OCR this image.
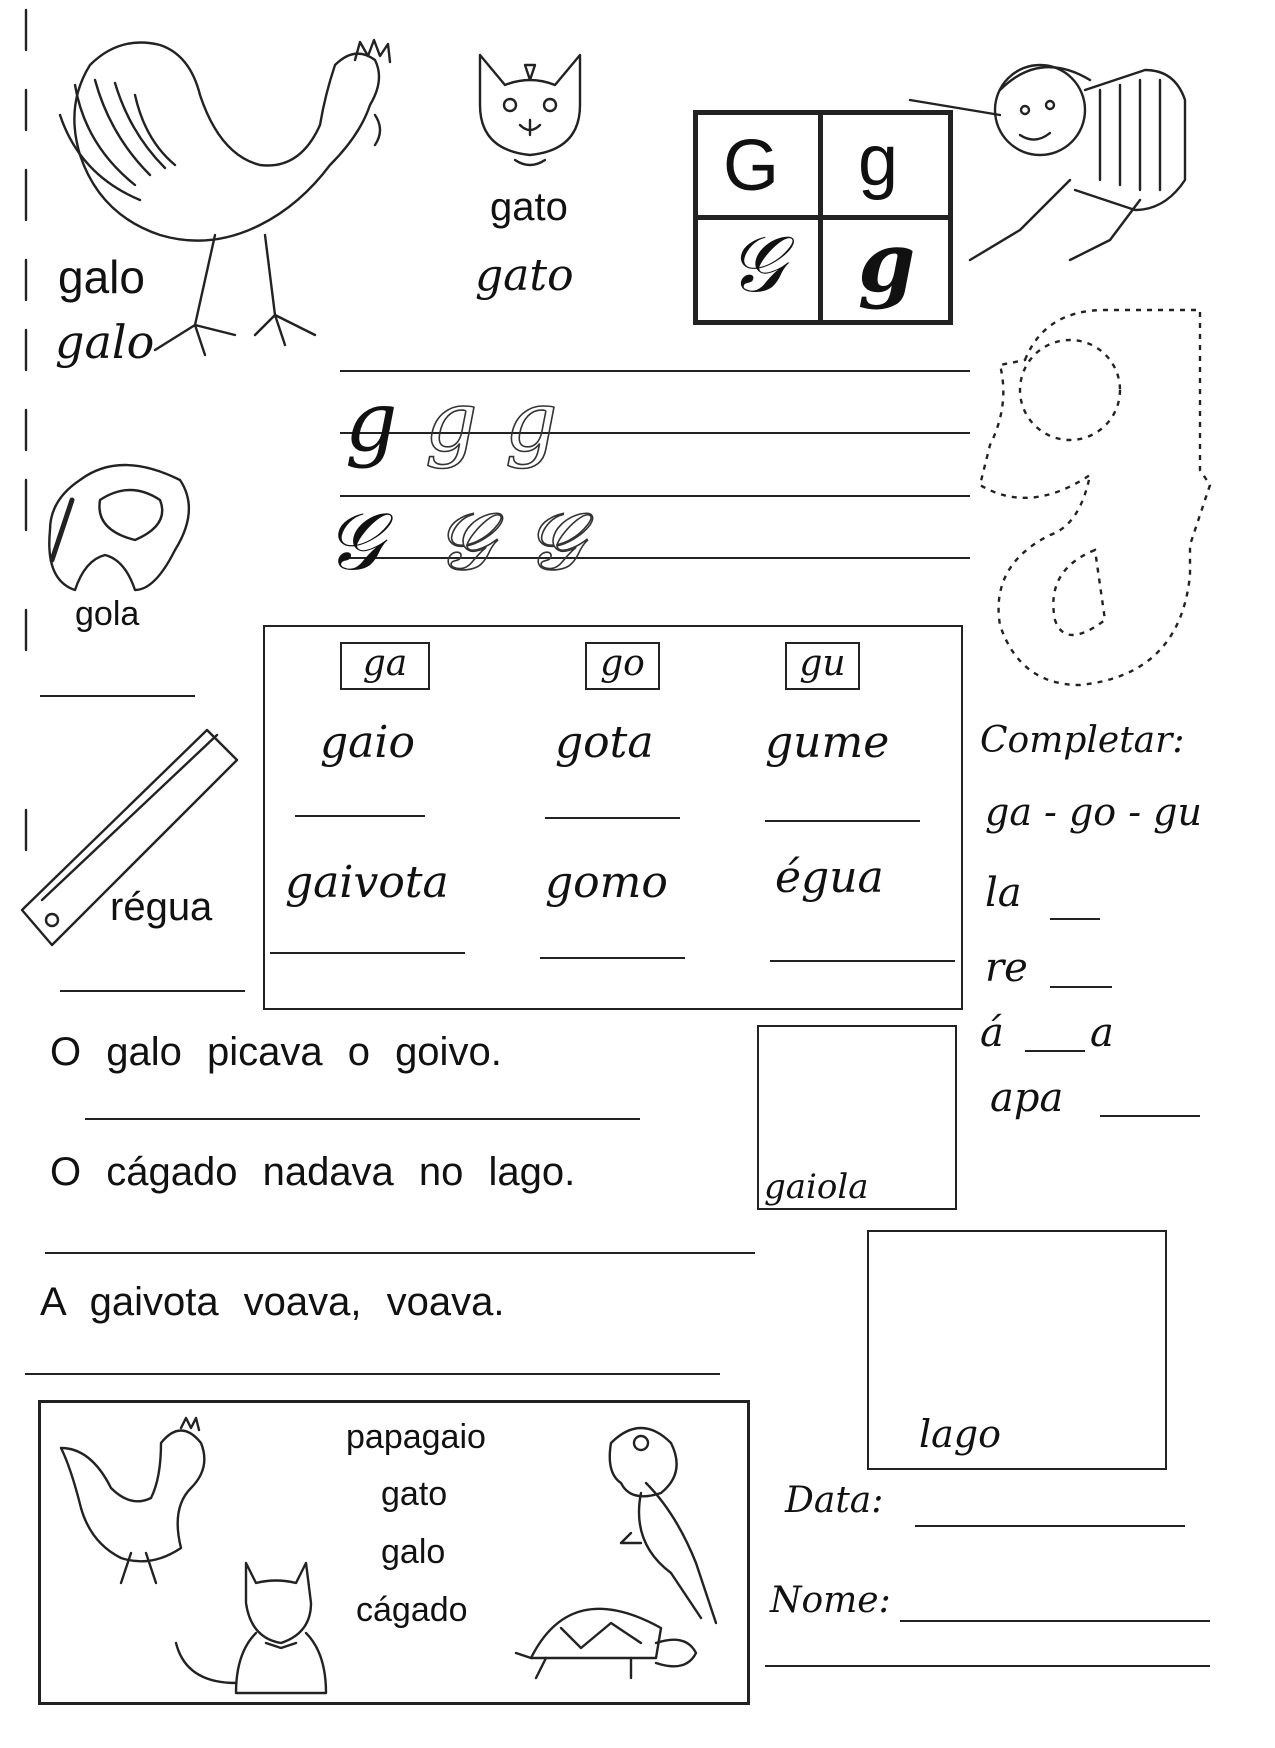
galo
galo
gato
gato
G g
𝒢 g
g g g
𝒢 𝒢 𝒢
gola
régua
ga	go	gu
gaio	gota	gume
gaivota gomo égua
Completar:
ga - go - gu
la
re
á a
apa
O galo picava o goivo.
O cágado nadava no lago.
A gaivota voava, voava.
gaiola
lago
papagaio
gato
galo
cágado
Data:
Nome:
